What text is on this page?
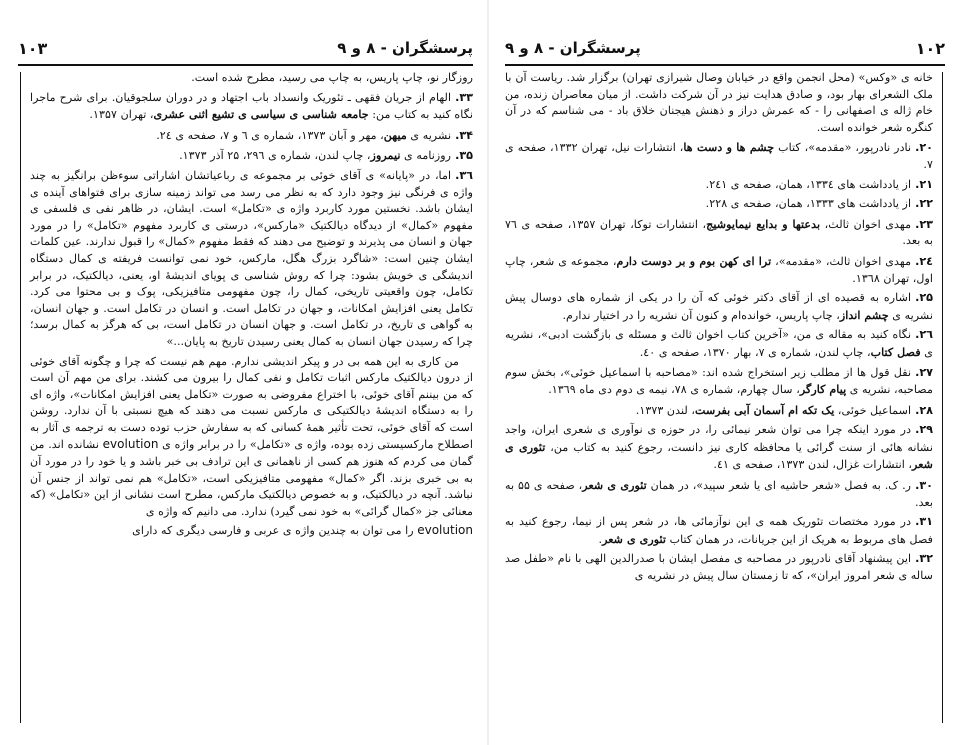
پرسشگران - ۸ و ۹
۱۰۳
روزگار نو، چاپ پاریس، به چاپ می رسید، مطرح شده است.
۳۳.الهام از جریان فقهی ـ تئوریک وانسداد باب اجتهاد و در دوران سلجوقیان. برای شرح ماجرا نگاه کنید به کتاب من: جامعه شناسی ی سیاسی ی تشیع اثنی عشری، تهران ۱۳۵۷.
۳۴.نشریه ی میهن، مهر و آبان ۱۳۷۳، شماره ی ٦ و ۷، صفحه ی ۲٤.
۳۵.روزنامه ی نیمروز، چاپ لندن، شماره ی ۲۹٦، ۲۵ آذر ۱۳۷۳.
۳٦.اما، در «پایانه» ی آقای خوئی بر مجموعه ی رباعیاتشان اشاراتی سوءظن برانگیز به چند واژه ی فرنگی نیز وجود دارد که به نظر می رسد می تواند زمینه سازی برای فتواهای آینده ی ایشان باشد. نخستین مورد کاربرد واژه ی «تکامل» است. ایشان، در ظاهر نفی ی فلسفی ی مفهوم «کمال» از دیدگاه دیالکتیک «مارکس»، درستی ی کاربرد مفهوم «تکامل» را در مورد جهان و انسان می پذیرند و توضیح می دهند که فقط مفهوم «کمال» را قبول ندارند. عین کلمات ایشان چنین است: «شاگرد بزرگ هگل، مارکس، خود نمی توانست فریفته ی کمال دستگاه اندیشگی ی خویش بشود: چرا که روش شناسی ی پویای اندیشهٔ او، یعنی، دیالکتیک، در برابر تکامل، چون واقعیتی تاریخی، کمال را، چون مفهومی متافیزیکی، پوک و بی محتوا می کرد. تکامل یعنی افزایش امکانات، و جهان در تکامل است. و انسان در تکامل است. و جهان انسان، به گواهی ی تاریخ، در تکامل است. و جهان انسان در تکامل است، بی که هرگز به کمال برسد؛ چرا که رسیدن جهان انسان به کمال یعنی رسیدن تاریخ به پایان...»
من کاری به این همه بی در و پیکر اندیشی ندارم. مهم هم نیست که چرا و چگونه آقای خوئی از درون دیالکتیک مارکس اثبات تکامل و نفی کمال را بیرون می کشند. برای من مهم آن است که من بیننم آقای خوئی، با اختراع مفروضی به صورت «تکامل یعنی افزایش امکانات»، واژه ای را به دستگاه اندیشهٔ دیالکتیکی ی مارکس نسبت می دهند که هیچ نسبتی با آن ندارد. روشن است که آقای خوئی، تحت تأثیر همهٔ کسانی که به سفارش حزب توده دست به ترجمه ی آثار به اصطلاح مارکسیستی زده بوده، واژه ی «تکامل» را در برابر واژه ی evolution نشانده اند. من گمان می کردم که هنوز هم کسی از ناهمانی ی این ترادف بی خبر باشد و یا خود را در مورد آن به بی خبری بزند. اگر «کمال» مفهومی متافیزیکی است، «تکامل» هم نمی تواند از جنس آن نباشد. آنچه در دیالکتیک، و به خصوص دیالکتیک مارکس، مطرح است نشانی از این «تکامل» (که معنائی جز «کمال گرائی» به خود نمی گیرد) ندارد. می دانیم که واژه ی
evolution را می توان به چندین واژه ی عربی و فارسی دیگری که دارای
۱۰۲
پرسشگران - ۸ و ۹
خانه ی «وکس» (محل انجمن واقع در خیابان وصال شیرازی تهران) برگزار شد. ریاست آن با ملک الشعرای بهار بود، و صادق هدایت نیز در آن شرکت داشت. از میان معاصران زنده، من خام ژاله ی اصفهانی را - که عمرش دراز و ذهنش هیجنان خلاق باد - می شناسم که در آن کنگره شعر خوانده است.
۲۰.نادر نادرپور، «مقدمه»، کتاب چشم ها و دست ها، انتشارات نیل، تهران ۱۳۳۲، صفحه ی ۷.
۲۱.از یادداشت های ۱۳۳٤، همان، صفحه ی ۲٤۱.
۲۲.از یادداشت های ۱۳۳۳، همان، صفحه ی ۲۲۸.
۲۳.مهدی اخوان ثالث، بدعتها و بدایع نیمایوشیج، انتشارات توکا، تهران ۱۳۵۷، صفحه ی ۷٦ به بعد.
۲٤.مهدی اخوان ثالث، «مقدمه»، ترا ای کهن بوم و بر دوست دارم، مجموعه ی شعر، چاپ اول، تهران ۱۳٦۸.
۲۵.اشاره به قصیده ای از آقای دکتر خوئی که آن را در یکی از شماره های دوسال پیش نشریه ی چشم انداز، چاپ پاریس، خوانده‌ام و کنون آن نشریه را در اختیار ندارم.
۲٦.نگاه کنید به مقاله ی من، «آخرین کتاب اخوان ثالث و مسئله ی بازگشت ادبی»، نشریه ی فصل کتاب، چاپ لندن، شماره ی ۷، بهار ۱۳۷۰، صفحه ی ٤۰.
۲۷.نقل قول ها از مطلب زیر استخراج شده اند: «مصاحبه با اسماعیل خوئی»، بخش سوم مصاحبه، نشریه ی پیام کارگر، سال چهارم، شماره ی ۷۸، نیمه ی دوم دی ماه ۱۳٦۹.
۲۸.اسماعیل خوئی، یک تکه ام آسمان آبی بفرست، لندن ۱۳۷۳.
۲۹.در مورد اینکه چرا می توان شعر نیمائی را، در حوزه ی نوآوری ی شعری ایران، واجد نشانه هائی از سنت گرائی یا محافظه کاری نیز دانست، رجوع کنید به کتاب من، تئوری ی شعر، انتشارات غزال، لندن ۱۳۷۳، صفحه ی ٤۱.
۳۰.ر. ک. به فصل «شعر حاشیه ای یا شعر سپید»، در همان تئوری ی شعر، صفحه ی ۵۵ به بعد.
۳۱.در مورد مختصات تئوریک همه ی این نوآزمائی ها، در شعر پس از نیما، رجوع کنید به فصل های مربوط به هریک از این جریانات، در همان کتاب تئوری ی شعر.
۳۲.این پیشنهاد آقای نادرپور در مصاحبه ی مفصل ایشان با صدرالدین الهی با نام «طفل صد ساله ی شعر امروز ایران»، که تا زمستان سال پیش در نشریه ی
